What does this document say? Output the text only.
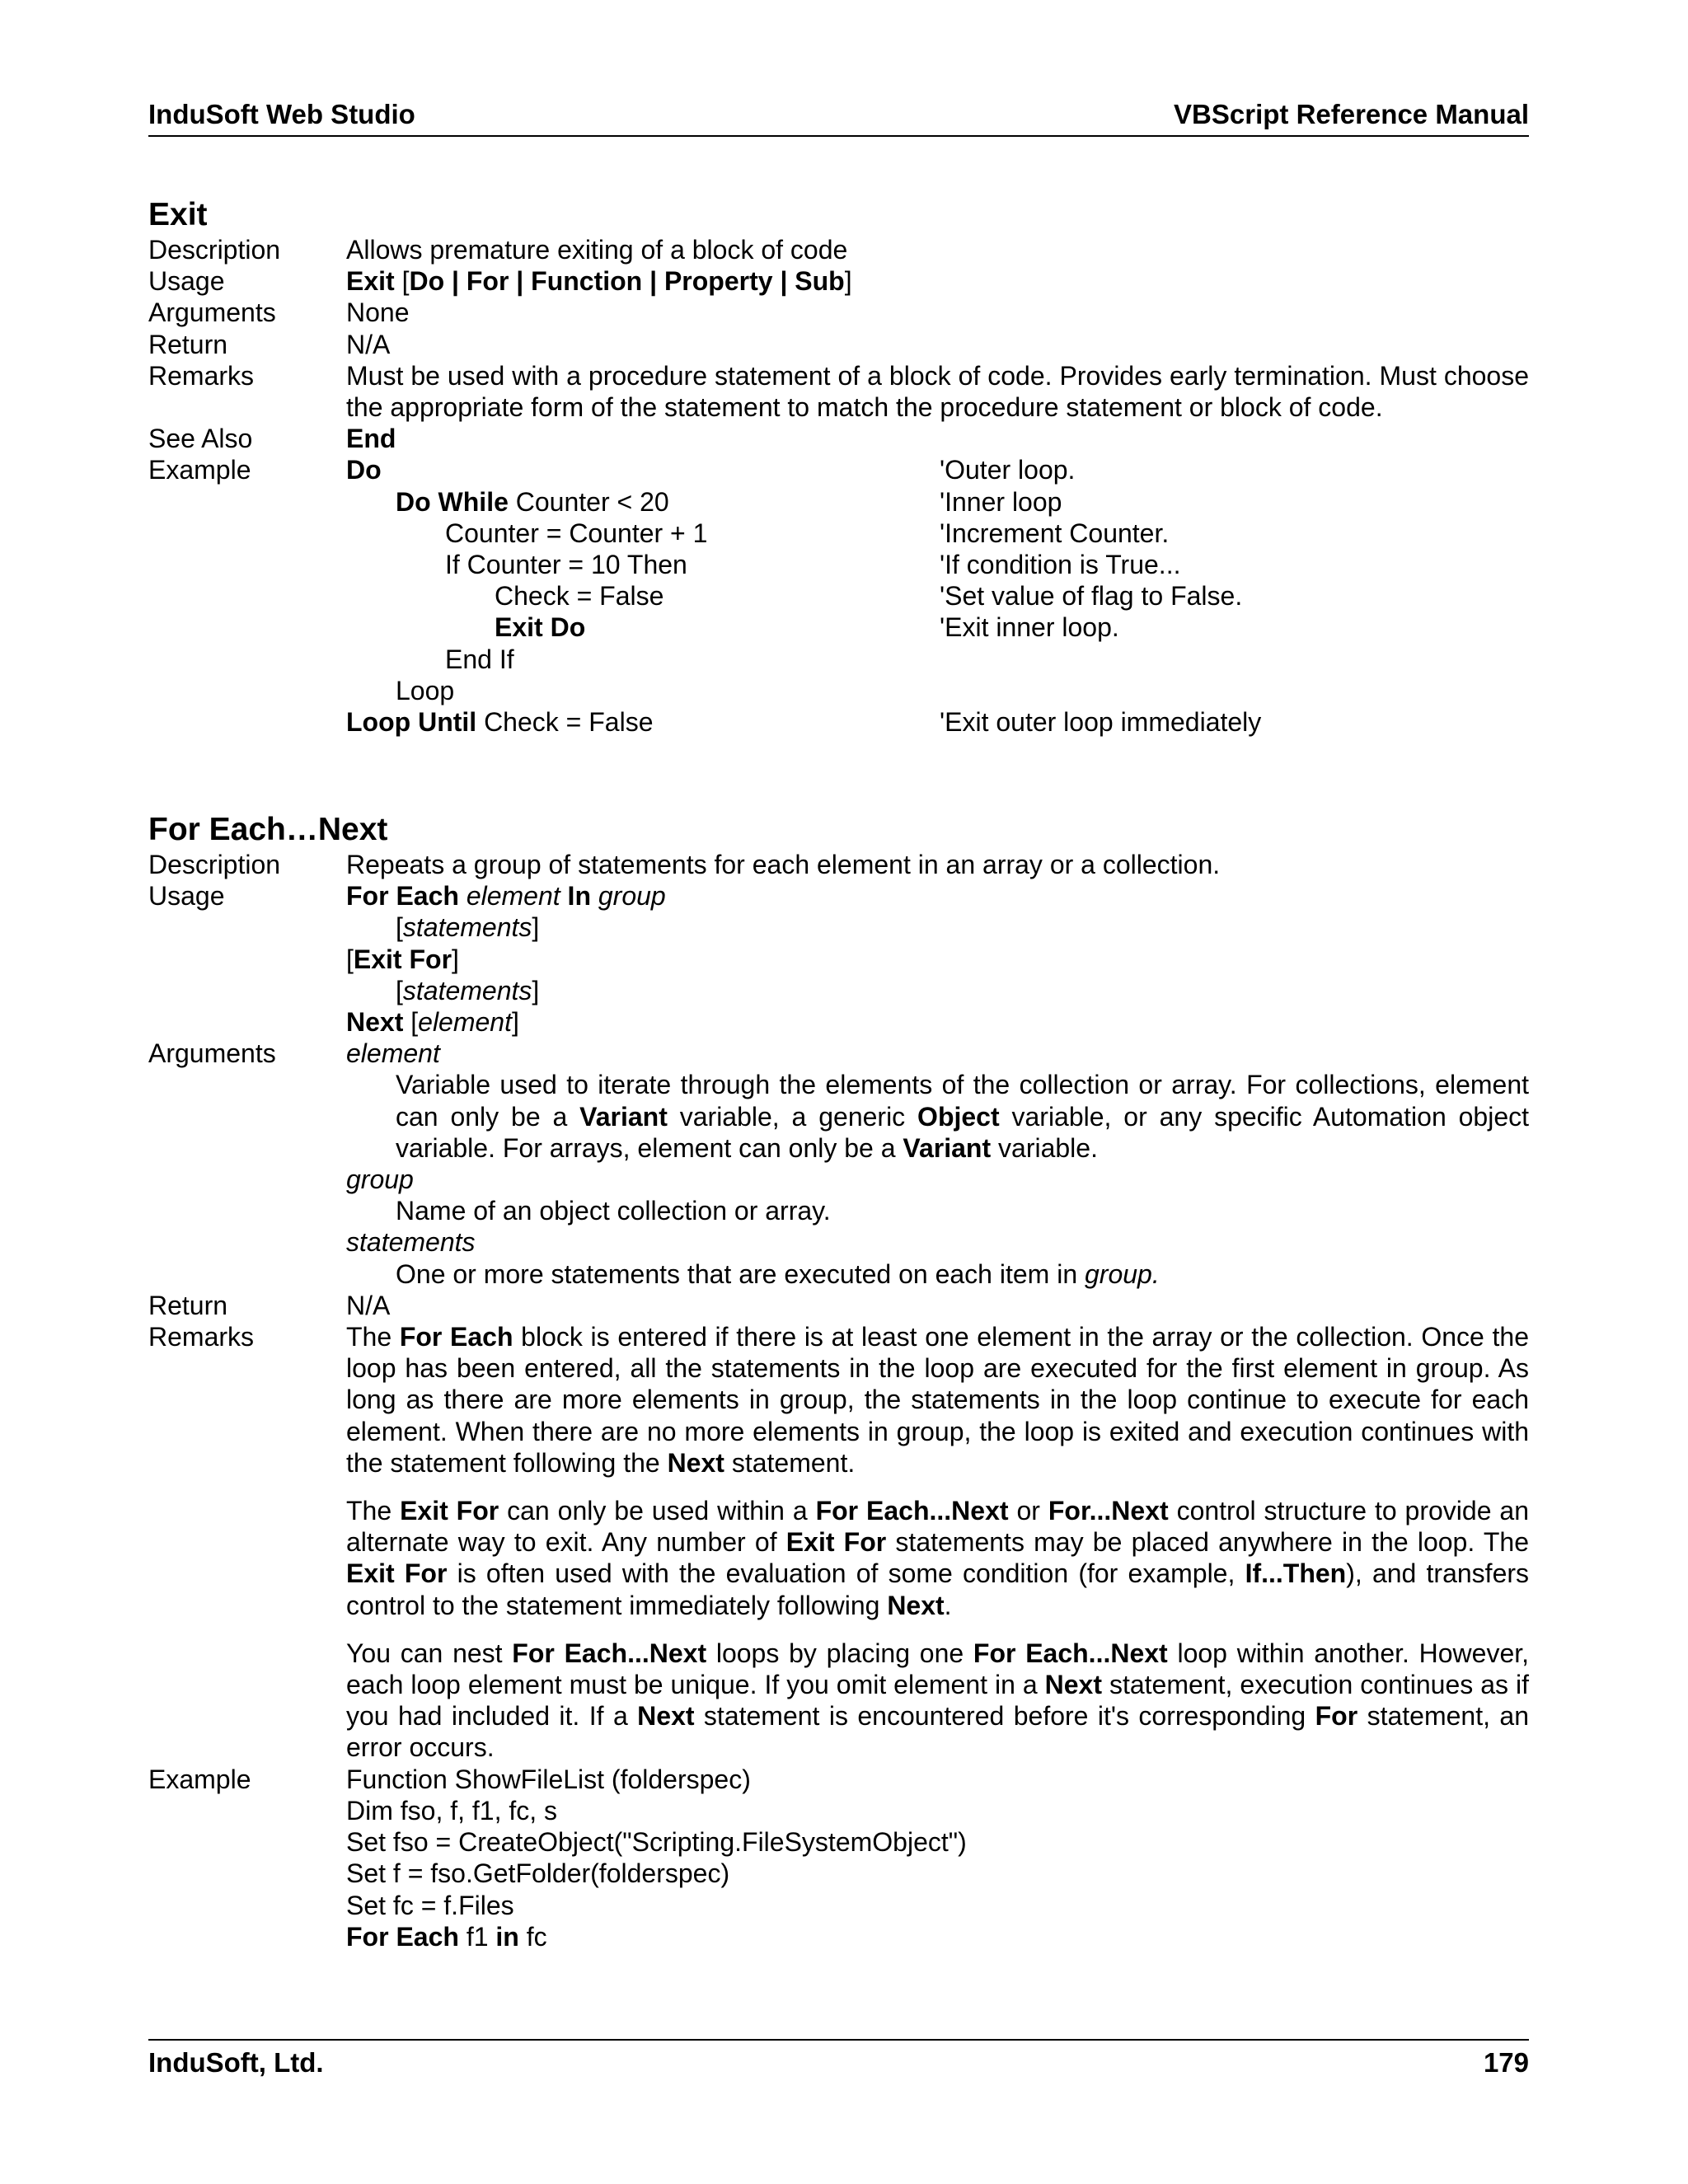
InduSoft Web Studio	VBScript Reference Manual
Exit
Description	Allows premature exiting of a block of code
Usage	Exit [Do | For | Function | Property | Sub]
Arguments	None
Return	N/A
Remarks	Must be used with a procedure statement of a block of code. Provides early termination. Must choose the appropriate form of the statement to match the procedure statement or block of code.
See Also	End
Example	Do	'Outer loop.
Do While Counter < 20	'Inner loop
Counter = Counter + 1	'Increment Counter.
If Counter = 10 Then	'If condition is True...
Check = False	'Set value of flag to False.
Exit Do	'Exit inner loop.
End If
Loop
Loop Until Check = False	'Exit outer loop immediately
For Each…Next
Description	Repeats a group of statements for each element in an array or a collection.
Usage	For Each element In group
[statements]
[Exit For]
[statements]
Next [element]
Arguments	element
Variable used to iterate through the elements of the collection or array. For collections, element can only be a Variant variable, a generic Object variable, or any specific Automation object variable. For arrays, element can only be a Variant variable.
group
Name of an object collection or array.
statements
One or more statements that are executed on each item in group.
Return	N/A
Remarks	The For Each block is entered if there is at least one element in the array or the collection. Once the loop has been entered, all the statements in the loop are executed for the first element in group. As long as there are more elements in group, the statements in the loop continue to execute for each element. When there are no more elements in group, the loop is exited and execution continues with the statement following the Next statement.
The Exit For can only be used within a For Each...Next or For...Next control structure to provide an alternate way to exit. Any number of Exit For statements may be placed anywhere in the loop. The Exit For is often used with the evaluation of some condition (for example, If...Then), and transfers control to the statement immediately following Next.
You can nest For Each...Next loops by placing one For Each...Next loop within another. However, each loop element must be unique. If you omit element in a Next statement, execution continues as if you had included it. If a Next statement is encountered before it's corresponding For statement, an error occurs.
Example	Function ShowFileList (folderspec)
Dim fso, f, f1, fc, s
Set fso = CreateObject("Scripting.FileSystemObject")
Set f = fso.GetFolder(folderspec)
Set fc = f.Files
For Each f1 in fc
InduSoft, Ltd.	179
